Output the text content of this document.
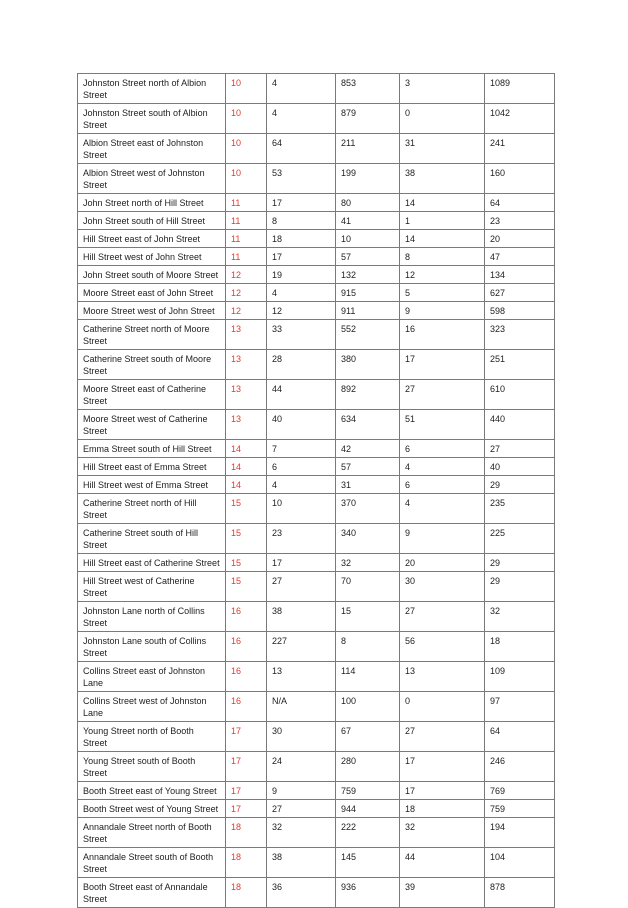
Johnston Street north of Albion Street	10	4	853	3	1089
Johnston Street south of Albion Street	10	4	879	0	1042
Albion Street east of Johnston Street	10	64	211	31	241
Albion Street west of Johnston Street	10	53	199	38	160
John Street north of Hill Street	11	17	80	14	64
John Street south of Hill Street	11	8	41	1	23
Hill Street east of John Street	11	18	10	14	20
Hill Street west of John Street	11	17	57	8	47
John Street south of Moore Street	12	19	132	12	134
Moore Street east of John Street	12	4	915	5	627
Moore Street west of John Street	12	12	911	9	598
Catherine Street north of Moore Street	13	33	552	16	323
Catherine Street south of Moore Street	13	28	380	17	251
Moore Street east of Catherine Street	13	44	892	27	610
Moore Street west of Catherine Street	13	40	634	51	440
Emma Street south of Hill Street	14	7	42	6	27
Hill Street east of Emma Street	14	6	57	4	40
Hill Street west of Emma Street	14	4	31	6	29
Catherine Street north of Hill Street	15	10	370	4	235
Catherine Street south of Hill Street	15	23	340	9	225
Hill Street east of Catherine Street	15	17	32	20	29
Hill Street west of Catherine Street	15	27	70	30	29
Johnston Lane north of Collins Street	16	38	15	27	32
Johnston Lane south of Collins Street	16	227	8	56	18
Collins Street east of Johnston Lane	16	13	114	13	109
Collins Street west of Johnston Lane	16	N/A	100	0	97
Young Street north of Booth Street	17	30	67	27	64
Young Street south of Booth Street	17	24	280	17	246
Booth Street east of Young Street	17	9	759	17	769
Booth Street west of Young Street	17	27	944	18	759
Annandale Street north of Booth Street	18	32	222	32	194
Annandale Street south of Booth Street	18	38	145	44	104
Booth Street east of Annandale Street	18	36	936	39	878
